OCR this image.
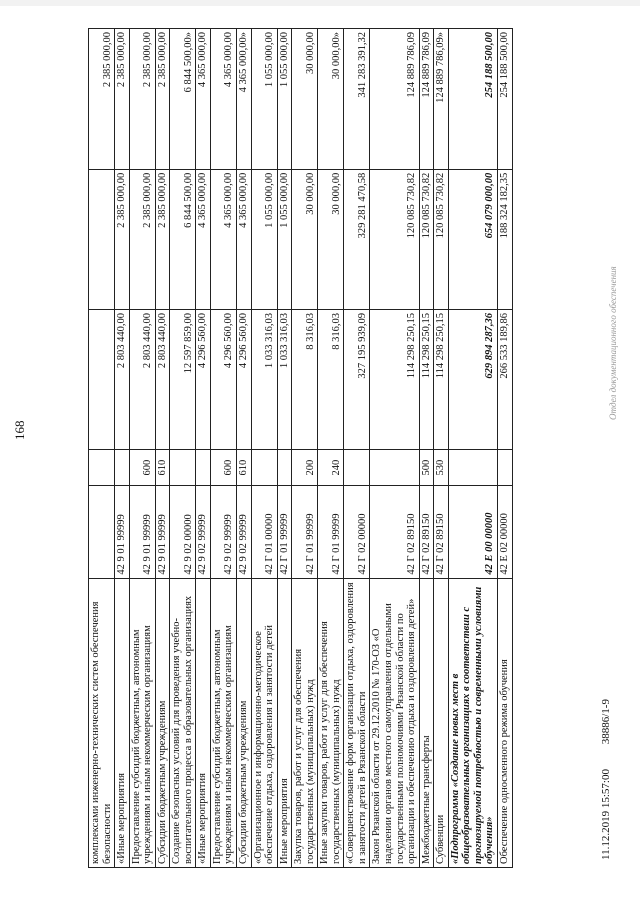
168
комплексами инженерно-технических систем обеспечения безопасности					2 385 000,00
«Иные мероприятия	42 9 01 99999		2 803 440,00	2 385 000,00	2 385 000,00
Предоставление субсидий бюджетным, автономным учреждениям и иным некоммерческим организациям	42 9 01 99999	600	2 803 440,00	2 385 000,00	2 385 000,00
Субсидии бюджетным учреждениям	42 9 01 99999	610	2 803 440,00	2 385 000,00	2 385 000,00
Создание безопасных условий для проведения учебно-воспитательного процесса в образовательных организациях	42 9 02 00000		12 597 859,00	6 844 500,00	6 844 500,00»
«Иные мероприятия	42 9 02 99999		4 296 560,00	4 365 000,00	4 365 000,00
Предоставление субсидий бюджетным, автономным учреждениям и иным некоммерческим организациям	42 9 02 99999	600	4 296 560,00	4 365 000,00	4 365 000,00
Субсидии бюджетным учреждениям	42 9 02 99999	610	4 296 560,00	4 365 000,00	4 365 000,00»
«Организационное и информационно-методическое обеспечение отдыха, оздоровления и занятости детей	42 Г 01 00000		1 033 316,03	1 055 000,00	1 055 000,00
Иные мероприятия	42 Г 01 99999		1 033 316,03	1 055 000,00	1 055 000,00
Закупка товаров, работ и услуг для обеспечения государственных (муниципальных) нужд	42 Г 01 99999	200	8 316,03	30 000,00	30 000,00
Иные закупки товаров, работ и услуг для обеспечения государственных (муниципальных) нужд	42 Г 01 99999	240	8 316,03	30 000,00	30 000,00»
«Совершенствование форм организации отдыха, оздоровления и занятости детей в Рязанской области	42 Г 02 00000		327 195 939,09	329 281 470,58	341 283 391,32
Закон Рязанской области от 29.12.2010 № 170-ОЗ «О наделении органов местного самоуправления отдельными государственными полномочиями Рязанской области по организации и обеспечению отдыха и оздоровления детей»	42 Г 02 89150		114 298 250,15	120 085 730,82	124 889 786,09
Межбюджетные трансферты	42 Г 02 89150	500	114 298 250,15	120 085 730,82	124 889 786,09
Субвенции	42 Г 02 89150	530	114 298 250,15	120 085 730,82	124 889 786,09»
«Подпрограмма «Создание новых мест в общеобразовательных организациях в соответствии с прогнозируемой потребностью и современными условиями обучения»	42 Е 00 00000		629 894 287,36	654 079 000,00	254 188 500,00
Обеспечение односменного режима обучения	42 Е 02 00000		266 533 189,86	188 324 182,35	254 188 500,00
Отдел документационного обеспечения
11.12.2019 15:57:00 38886/1-9
